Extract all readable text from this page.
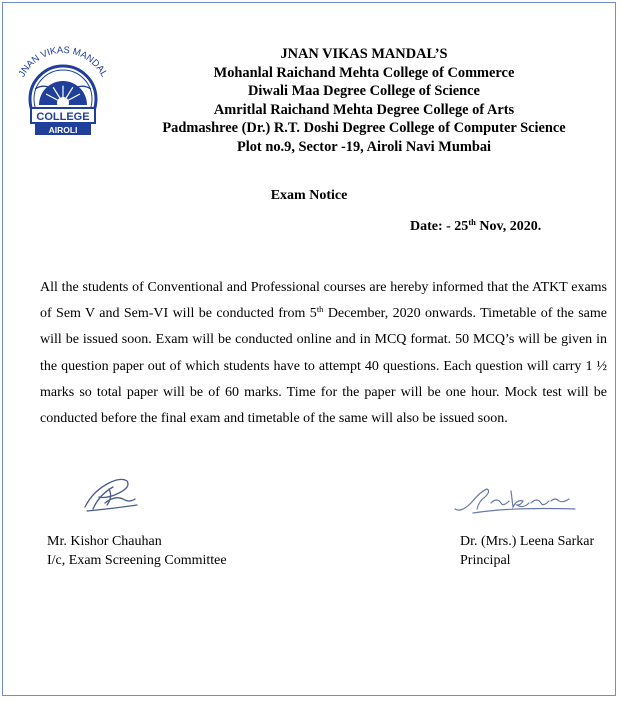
JNAN VIKAS MANDAL
COLLEGE
AIROLI
JNAN VIKAS MANDAL’S
Mohanlal Raichand Mehta College of Commerce
Diwali Maa Degree College of Science
Amritlal Raichand Mehta Degree College of Arts
Padmashree (Dr.) R.T. Doshi Degree College of Computer Science
Plot no.9, Sector -19, Airoli Navi Mumbai
Exam Notice
Date: - 25th Nov, 2020.
All the students of Conventional and Professional courses are hereby informed that the ATKT exams of Sem V and Sem-VI will be conducted from 5th December, 2020 onwards. Timetable of the same will be issued soon. Exam will be conducted online and in MCQ format. 50 MCQ’s will be given in the question paper out of which students have to attempt 40 questions. Each question will carry 1 ½ marks so total paper will be of 60 marks. Time for the paper will be one hour. Mock test will be conducted before the final exam and timetable of the same will also be issued soon.
Mr. Kishor Chauhan
I/c, Exam Screening Committee
Dr. (Mrs.) Leena Sarkar
Principal
